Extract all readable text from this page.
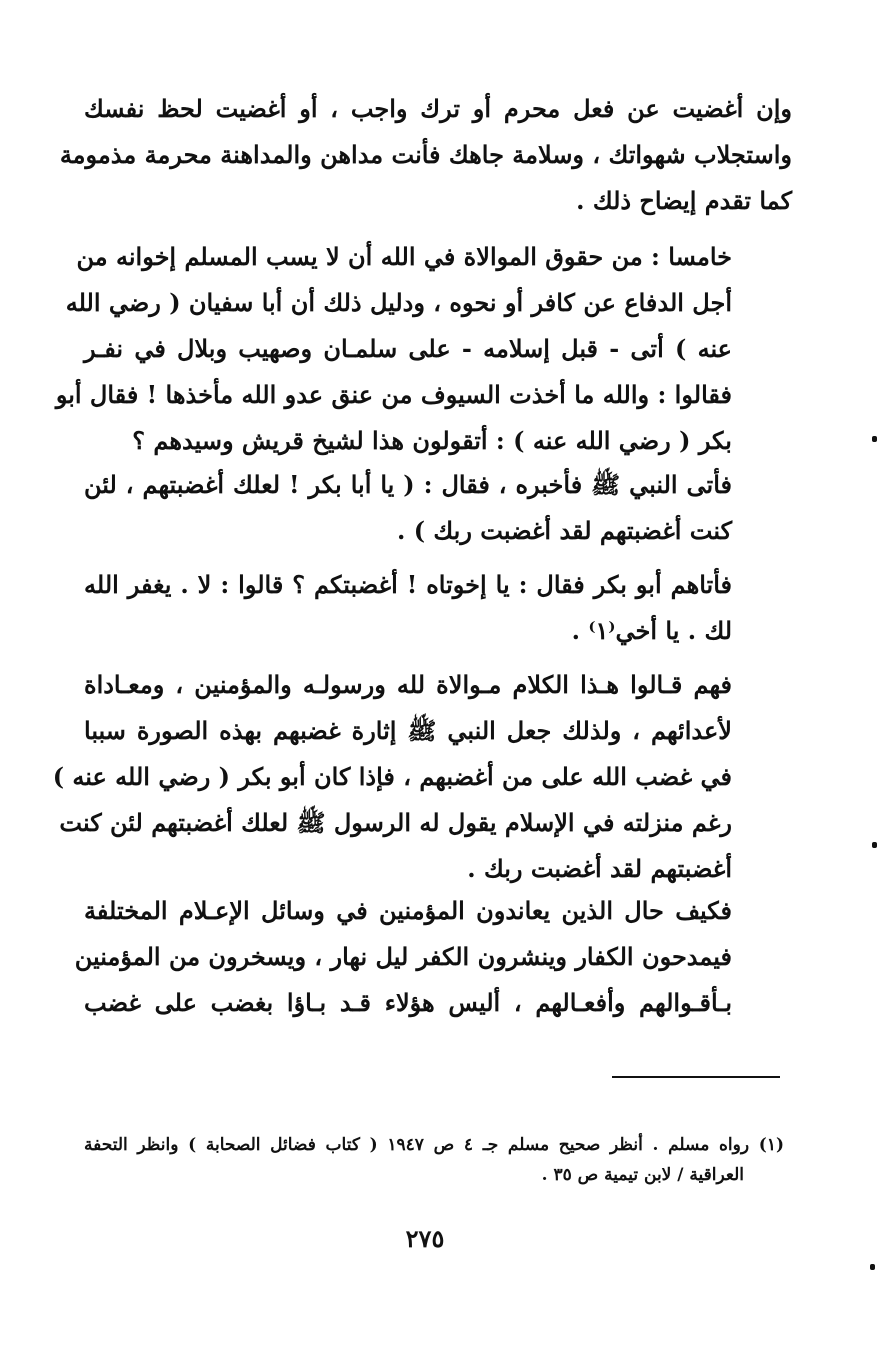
وإن أغضيت عن فعل محرم أو ترك واجب ، أو أغضيت لحظ نفسك
واستجلاب شهواتك ، وسلامة جاهك فأنت مداهن والمداهنة محرمة مذمومة
كما تقدم إيضاح ذلك .
خامسا : من حقوق الموالاة في الله أن لا يسب المسلم إخوانه من
أجل الدفاع عن كافر أو نحوه ، ودليل ذلك أن أبا سفيان ( رضي الله
عنه ) أتى - قبل إسلامه - على سلمـان وصهيب وبلال في نفـر
فقالوا : والله ما أخذت السيوف من عنق عدو الله مأخذها ! فقال أبو
بكر ( رضي الله عنه ) : أتقولون هذا لشيخ قريش وسيدهم ؟
فأتى النبي ﷺ فأخبره ، فقال : ( يا أبا بكر ! لعلك أغضبتهم ، لئن
كنت أغضبتهم لقد أغضبت ربك ) .
فأتاهم أبو بكر فقال : يا إخوتاه ! أغضبتكم ؟ قالوا : لا . يغفر الله
لك . يا أخي⁽١⁾ .
فهم قـالوا هـذا الكلام مـوالاة لله ورسولـه والمؤمنين ، ومعـاداة
لأعدائهم ، ولذلك جعل النبي ﷺ إثارة غضبهم بهذه الصورة سببا
في غضب الله على من أغضبهم ، فإذا كان أبو بكر ( رضي الله عنه )
رغم منزلته في الإسلام يقول له الرسول ﷺ لعلك أغضبتهم لئن كنت
أغضبتهم لقد أغضبت ربك .
فكيف حال الذين يعاندون المؤمنين في وسائل الإعـلام المختلفة
فيمدحون الكفار وينشرون الكفر ليل نهار ، ويسخرون من المؤمنين
بـأقـوالهم وأفعـالهم ، أليس هؤلاء قـد بـاؤا بغضب على غضب
(١) رواه مسلم . أنظر صحيح مسلم جـ ٤ ص ١٩٤٧ ( كتاب فضائل الصحابة ) وانظر التحفة
العراقية / لابن تيمية ص ٣٥ .
٢٧٥
